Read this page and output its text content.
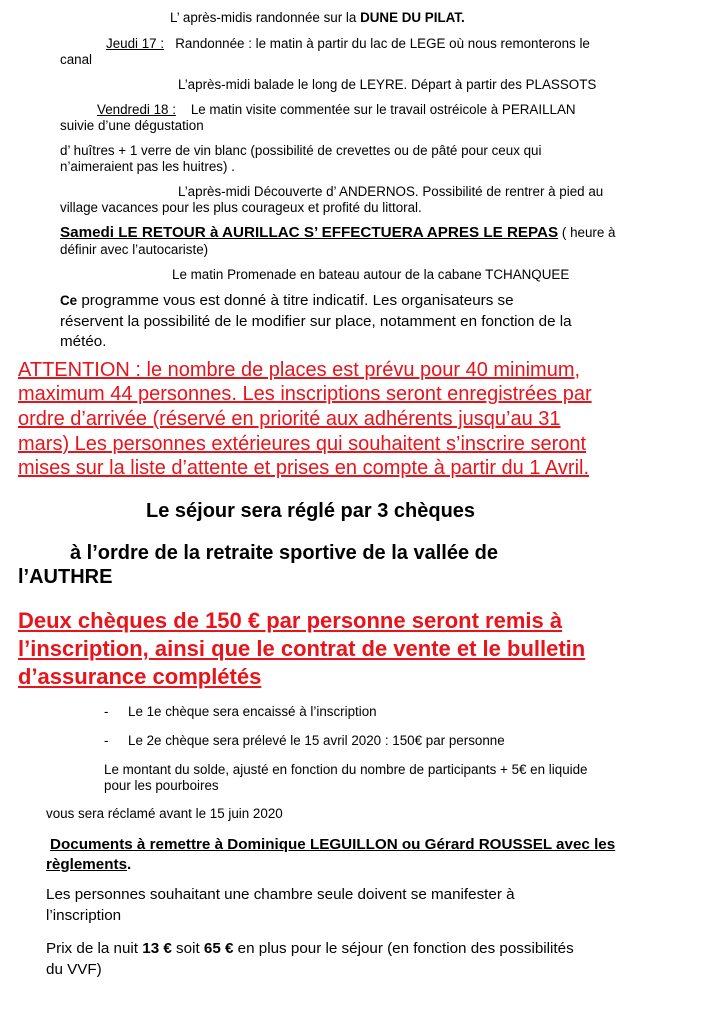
L’ après-midis randonnée sur la DUNE DU PILAT.
Jeudi 17 : Randonnée : le matin à partir du lac de LEGE où nous remonterons le
canal
L’après-midi balade le long de LEYRE. Départ à partir des PLASSOTS
Vendredi 18 : Le matin visite commentée sur le travail ostréicole à PERAILLAN
suivie d’une dégustation
d’ huîtres + 1 verre de vin blanc (possibilité de crevettes ou de pâté pour ceux qui
n’aimeraient pas les huitres) .
L’après-midi Découverte d’ ANDERNOS. Possibilité de rentrer à pied au
village vacances pour les plus courageux et profité du littoral.
Samedi LE RETOUR à AURILLAC S’ EFFECTUERA APRES LE REPAS ( heure à
définir avec l’autocariste)
Le matin Promenade en bateau autour de la cabane TCHANQUEE
Ce programme vous est donné à titre indicatif. Les organisateurs se
réservent la possibilité de le modifier sur place, notamment en fonction de la
météo.
ATTENTION : le nombre de places est prévu pour 40 minimum,
maximum 44 personnes. Les inscriptions seront enregistrées par
ordre d’arrivée (réservé en priorité aux adhérents jusqu’au 31
mars) Les personnes extérieures qui souhaitent s’inscrire seront
mises sur la liste d’attente et prises en compte à partir du 1 Avril.
Le séjour sera réglé par 3 chèques
à l’ordre de la retraite sportive de la vallée de
l’AUTHRE
Deux chèques de 150 € par personne seront remis à
l’inscription, ainsi que le contrat de vente et le bulletin
d’assurance complétés
- Le 1e chèque sera encaissé à l’inscription
- Le 2e chèque sera prélevé le 15 avril 2020 : 150€ par personne
Le montant du solde, ajusté en fonction du nombre de participants + 5€ en liquide
pour les pourboires
vous sera réclamé avant le 15 juin 2020
Documents à remettre à Dominique LEGUILLON ou Gérard ROUSSEL avec les
règlements.
Les personnes souhaitant une chambre seule doivent se manifester à
l’inscription
Prix de la nuit 13 € soit 65 € en plus pour le séjour (en fonction des possibilités
du VVF)
